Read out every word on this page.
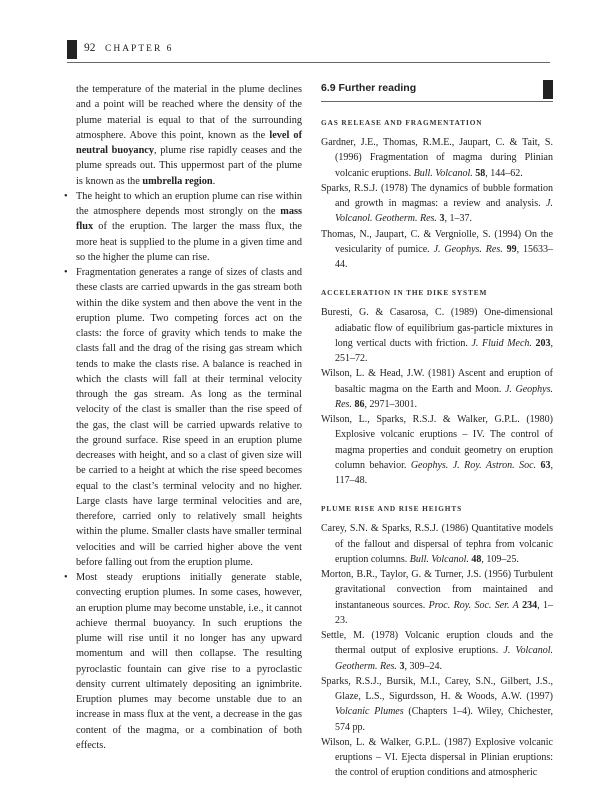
92 CHAPTER 6

the temperature of the material in the plume declines and a point will be reached where the density of the plume material is equal to that of the surrounding atmosphere. Above this point, known as the level of neutral buoyancy, plume rise rapidly ceases and the plume spreads out. This uppermost part of the plume is known as the umbrella region.

• The height to which an eruption plume can rise within the atmosphere depends most strongly on the mass flux of the eruption. The larger the mass flux, the more heat is supplied to the plume in a given time and so the higher the plume can rise.
• Fragmentation generates a range of sizes of clasts and these clasts are carried upwards in the gas stream both within the dike system and then above the vent in the eruption plume. Two competing forces act on the clasts: the force of gravity which tends to make the clasts fall and the drag of the rising gas stream which tends to make the clasts rise. A balance is reached in which the clasts will fall at their terminal velocity through the gas stream. As long as the terminal velocity of the clast is smaller than the rise speed of the gas, the clast will be carried upwards relative to the ground surface. Rise speed in an eruption plume decreases with height, and so a clast of given size will be carried to a height at which the rise speed becomes equal to the clast’s terminal velocity and no higher. Large clasts have large terminal velocities and are, therefore, carried only to relatively small heights within the plume. Smaller clasts have smaller terminal velocities and will be carried higher above the vent before falling out from the eruption plume.
• Most steady eruptions initially generate stable, convecting eruption plumes. In some cases, however, an eruption plume may become unstable, i.e., it cannot achieve thermal buoyancy. In such eruptions the plume will rise until it no longer has any upward momentum and will then collapse. The resulting pyroclastic fountain can give rise to a pyroclastic density current ultimately depositing an ignimbrite. Eruption plumes may become unstable due to an increase in mass flux at the vent, a decrease in the gas content of the magma, or a combination of both effects.
6.9 Further reading
GAS RELEASE AND FRAGMENTATION

Gardner, J.E., Thomas, R.M.E., Jaupart, C. & Tait, S. (1996) Fragmentation of magma during Plinian volcanic eruptions. Bull. Volcanol. 58, 144–62.

Sparks, R.S.J. (1978) The dynamics of bubble formation and growth in magmas: a review and analysis. J. Volcanol. Geotherm. Res. 3, 1–37.

Thomas, N., Jaupart, C. & Vergniolle, S. (1994) On the vesicularity of pumice. J. Geophys. Res. 99, 15633–44.

ACCELERATION IN THE DIKE SYSTEM

Buresti, G. & Casarosa, C. (1989) One-dimensional adiabatic flow of equilibrium gas-particle mixtures in long vertical ducts with friction. J. Fluid Mech. 203, 251–72.

Wilson, L. & Head, J.W. (1981) Ascent and eruption of basaltic magma on the Earth and Moon. J. Geophys. Res. 86, 2971–3001.

Wilson, L., Sparks, R.S.J. & Walker, G.P.L. (1980) Explosive volcanic eruptions – IV. The control of magma properties and conduit geometry on eruption column behavior. Geophys. J. Roy. Astron. Soc. 63, 117–48.

PLUME RISE AND RISE HEIGHTS

Carey, S.N. & Sparks, R.S.J. (1986) Quantitative models of the fallout and dispersal of tephra from volcanic eruption columns. Bull. Volcanol. 48, 109–25.

Morton, B.R., Taylor, G. & Turner, J.S. (1956) Turbulent gravitational convection from maintained and instantaneous sources. Proc. Roy. Soc. Ser. A 234, 1–23.

Settle, M. (1978) Volcanic eruption clouds and the thermal output of explosive eruptions. J. Volcanol. Geotherm. Res. 3, 309–24.

Sparks, R.S.J., Bursik, M.I., Carey, S.N., Gilbert, J.S., Glaze, L.S., Sigurdsson, H. & Woods, A.W. (1997) Volcanic Plumes (Chapters 1–4). Wiley, Chichester, 574 pp.

Wilson, L. & Walker, G.P.L. (1987) Explosive volcanic eruptions – VI. Ejecta dispersal in Plinian eruptions: the control of eruption conditions and atmospheric
